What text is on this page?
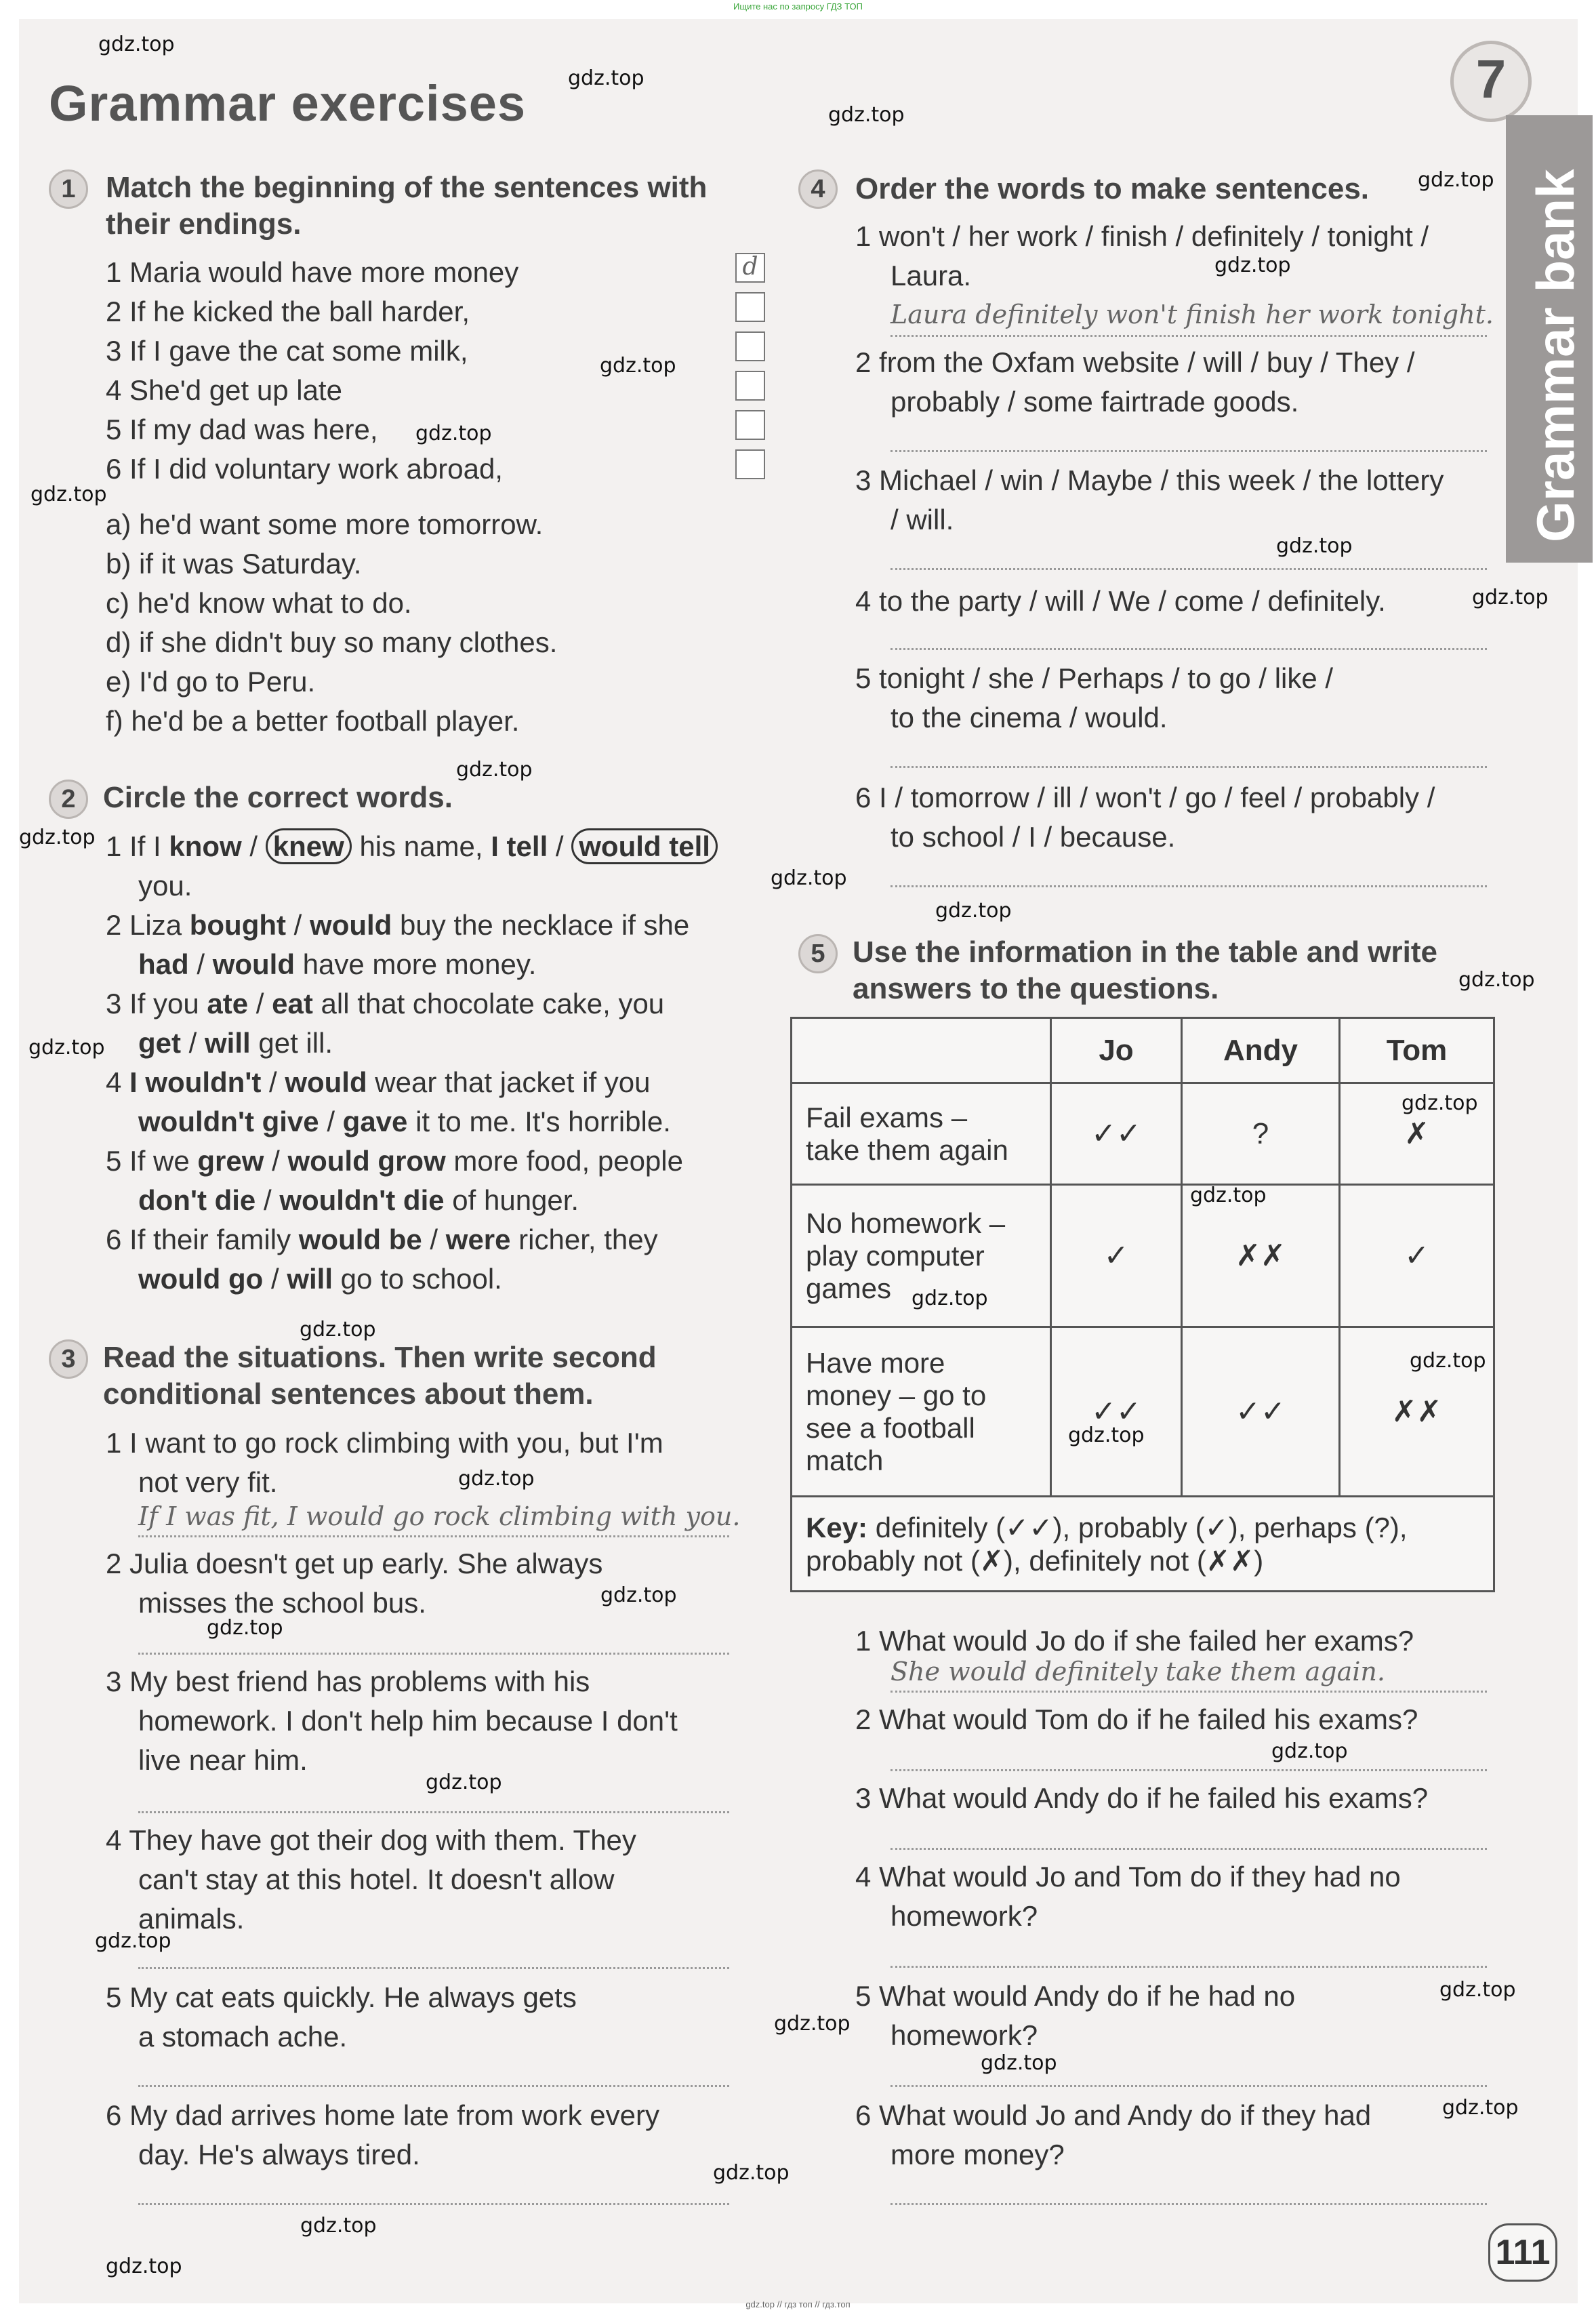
Ищите нас по запросу ГДЗ ТОП
Grammar exercises	7
Grammar bank
1	Match the beginning of the sentences with
their endings.
1 Maria would have more money
2 If he kicked the ball harder,
3 If I gave the cat some milk,
4 She'd get up late
5 If my dad was here,
6 If I did voluntary work abroad,
d
a) he'd want some more tomorrow.
b) if it was Saturday.
c) he'd know what to do.
d) if she didn't buy so many clothes.
e) I'd go to Peru.
f) he'd be a better football player.
2 Circle the correct words.
1 If I know / knew his name, I tell / would tell
you.
2 Liza bought / would buy the necklace if she
had / would have more money.
3 If you ate / eat all that chocolate cake, you
get / will get ill.
4 I wouldn't / would wear that jacket if you
wouldn't give / gave it to me. It's horrible.
5 If we grew / would grow more food, people
don't die / wouldn't die of hunger.
6 If their family would be / were richer, they
would go / will go to school.
3 Read the situations. Then write second
conditional sentences about them.
1 I want to go rock climbing with you, but I'm
not very fit.
If I was fit, I would go rock climbing with you.
2 Julia doesn't get up early. She always
misses the school bus.
3 My best friend has problems with his
homework. I don't help him because I don't
live near him.
4 They have got their dog with them. They
can't stay at this hotel. It doesn't allow
animals.
5 My cat eats quickly. He always gets
a stomach ache.
6 My dad arrives home late from work every
day. He's always tired.
4	Order the words to make sentences.
1 won't / her work / finish / definitely / tonight /
Laura.
Laura definitely won't finish her work tonight.
2 from the Oxfam website / will / buy / They /
probably / some fairtrade goods.
3 Michael / win / Maybe / this week / the lottery
/ will.
4 to the party / will / We / come / definitely.
5 tonight / she / Perhaps / to go / like /
to the cinema / would.
6 I / tomorrow / ill / won't / go / feel / probably /
to school / I / because.
5 Use the information in the table and write
answers to the questions.
	Jo	Andy	Tom

Fail exams –
take them again	✓✓	?	✗

No homework –
play computer
games	✓	✗✗	✓

Have more
money – go to
see a football
match	✓✓	✓✓	✗✗

Key: definitely (✓✓), probably (✓), perhaps (?),
probably not (✗), definitely not (✗✗)			
1 What would Jo do if she failed her exams?
She would definitely take them again.
2 What would Tom do if he failed his exams?
3 What would Andy do if he failed his exams?
4 What would Jo and Tom do if they had no
homework?
5 What would Andy do if he had no
homework?
6 What would Jo and Andy do if they had
more money?
111
gdz.top
gdz.top
gdz.top
gdz.top
gdz.top
gdz.top
gdz.top
gdz.top
gdz.top
gdz.top
gdz.top
gdz.top
gdz.top
gdz.top
gdz.top
gdz.top
gdz.top
gdz.top
gdz.top
gdz.top
gdz.top
gdz.top
gdz.top
gdz.top
gdz.top
gdz.top
gdz.top
gdz.top
gdz.top
gdz.top
gdz.top
gdz.top
gdz.top
gdz.top
gdz.top
gdz.top // гдз топ // гдз.топ
